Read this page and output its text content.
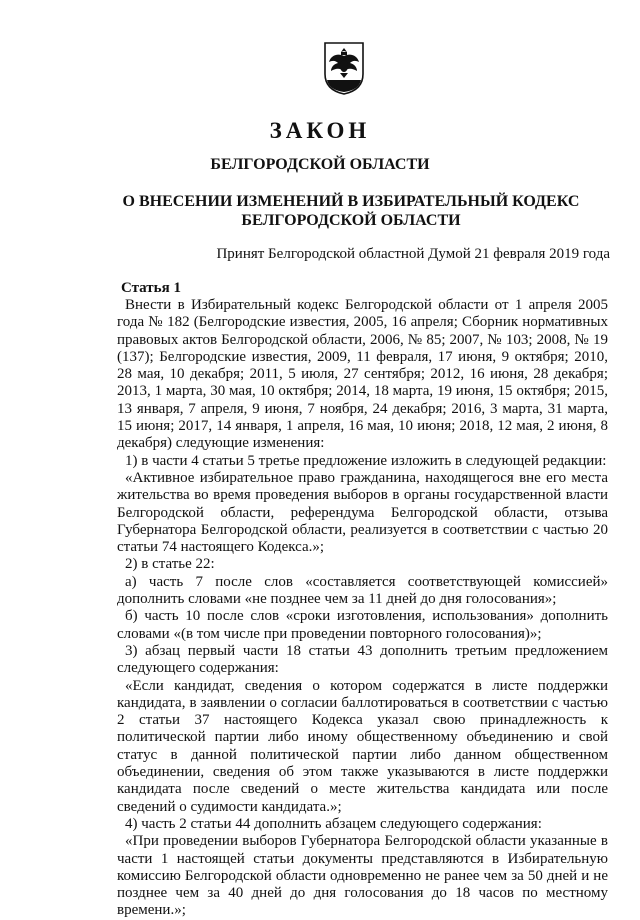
ЗАКОН
БЕЛГОРОДСКОЙ ОБЛАСТИ
О ВНЕСЕНИИ ИЗМЕНЕНИЙ В ИЗБИРАТЕЛЬНЫЙ КОДЕКС
БЕЛГОРОДСКОЙ ОБЛАСТИ
Принят Белгородской областной Думой 21 февраля 2019 года
Статья 1

Внести в Избирательный кодекс Белгородской области от 1 апреля 2005 года № 182 (Белгородские известия, 2005, 16 апреля; Сборник нормативных правовых актов Белгородской области, 2006, № 85; 2007, № 103; 2008, № 19 (137); Белгородские известия, 2009, 11 февраля, 17 июня, 9 октября; 2010, 28 мая, 10 декабря; 2011, 5 июля, 27 сентября; 2012, 16 июня, 28 декабря; 2013, 1 марта, 30 мая, 10 октября; 2014, 18 марта, 19 июня, 15 октября; 2015, 13 января, 7 апреля, 9 июня, 7 ноября, 24 декабря; 2016, 3 марта, 31 марта, 15 июня; 2017, 14 января, 1 апреля, 16 мая, 10 июня; 2018, 12 мая, 2 июня, 8 декабря) следующие изменения:

1) в части 4 статьи 5 третье предложение изложить в следующей редакции:

«Активное избирательное право гражданина, находящегося вне его места жительства во время проведения выборов в органы государственной власти Белгородской области, референдума Белгородской области, отзыва Губернатора Белгородской области, реализуется в соответствии с частью 20 статьи 74 настоящего Кодекса.»;

2) в статье 22:

а) часть 7 после слов «составляется соответствующей комиссией» дополнить словами «не позднее чем за 11 дней до дня голосования»;

б) часть 10 после слов «сроки изготовления, использования» дополнить словами «(в том числе при проведении повторного голосования)»;

3) абзац первый части 18 статьи 43 дополнить третьим предложением следующего содержания:

«Если кандидат, сведения о котором содержатся в листе поддержки кандидата, в заявлении о согласии баллотироваться в соответствии с частью 2 статьи 37 настоящего Кодекса указал свою принадлежность к политической партии либо иному общественному объединению и свой статус в данной политической партии либо данном общественном объединении, сведения об этом также указываются в листе поддержки кандидата после сведений о месте жительства кандидата или после сведений о судимости кандидата.»;

4) часть 2 статьи 44 дополнить абзацем следующего содержания:

«При проведении выборов Губернатора Белгородской области указанные в части 1 настоящей статьи документы представляются в Избирательную комиссию Белгородской области одновременно не ранее чем за 50 дней и не позднее чем за 40 дней до дня голосования до 18 часов по местному времени.»;
